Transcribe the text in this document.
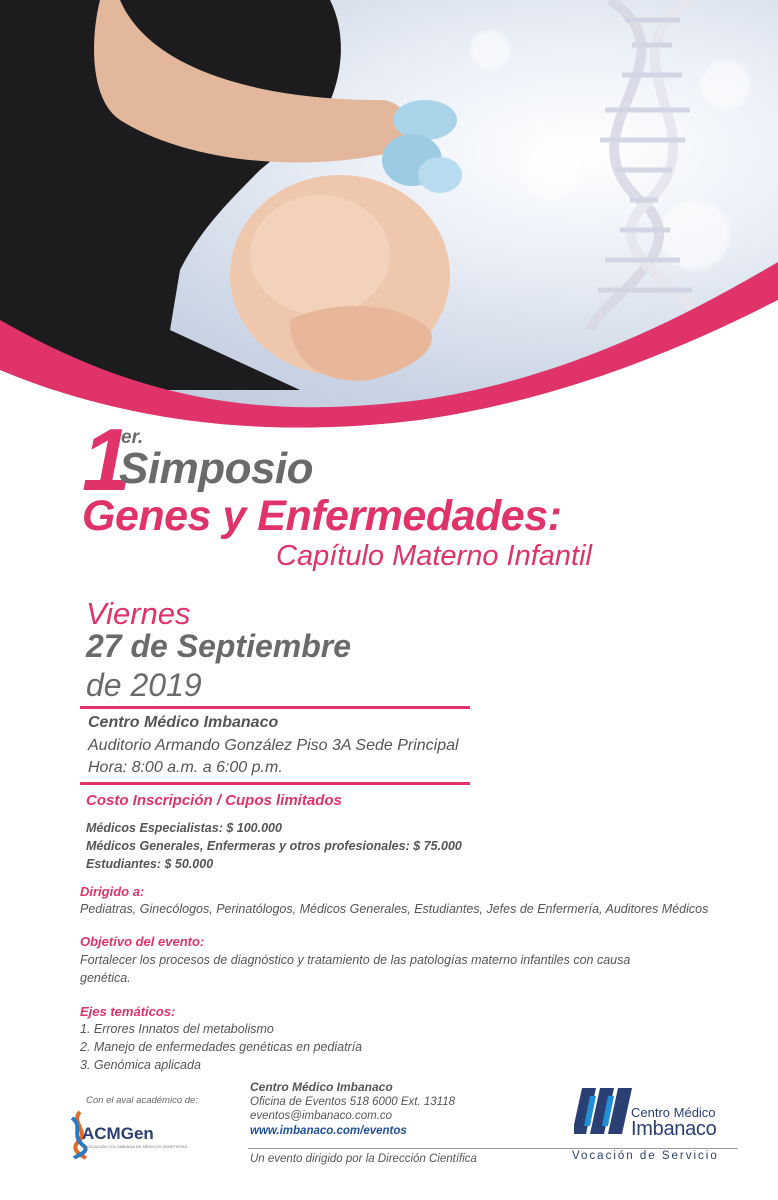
1
er.
Simposio
Genes y Enfermedades:
Capítulo Materno Infantil
Viernes
27 de Septiembre
de 2019
Centro Médico Imbanaco
Auditorio Armando González Piso 3A Sede Principal
Hora: 8:00 a.m. a 6:00 p.m.
Costo Inscripción / Cupos limitados
Médicos Especialistas: $ 100.000
Médicos Generales, Enfermeras y otros profesionales: $ 75.000
Estudiantes: $ 50.000
Dirigido a:
Pediatras, Ginecólogos, Perinatólogos, Médicos Generales, Estudiantes, Jefes de Enfermería, Auditores Médicos
Objetivo del evento:
Fortalecer los procesos de diagnóstico y tratamiento de las patologías materno infantiles con causa
genética.
Ejes temáticos:
1. Errores Innatos del metabolismo
2. Manejo de enfermedades genéticas en pediatría
3. Genómica aplicada
Con el aval académico de:
ACMGen
ASOCIACIÓN COLOMBIANA DE MÉDICOS GENETISTAS
Centro Médico Imbanaco
Oficina de Eventos 518 6000 Ext. 13118
eventos@imbanaco.com.co
www.imbanaco.com/eventos
Un evento dirigido por la Dirección Científica
Centro Médico
Imbanaco
Vocación de Servicio
